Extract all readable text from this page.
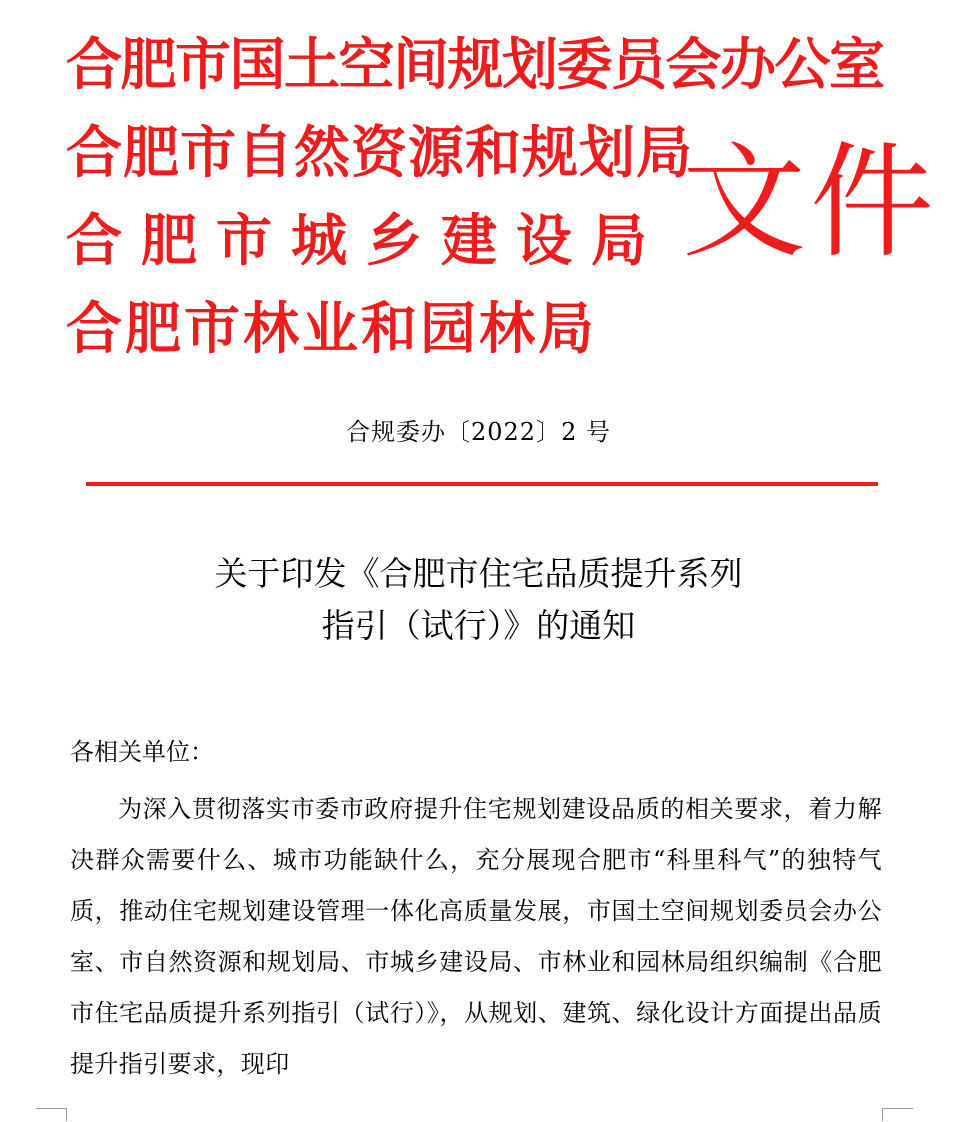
合肥市国土空间规划委员会办公室
合肥市自然资源和规划局
合肥市城乡建设局
合肥市林业和园林局
文件
合规委办〔2022〕2 号
关于印发《合肥市住宅品质提升系列
指引（试行）》的通知
各相关单位：
为深入贯彻落实市委市政府提升住宅规划建设品质的相关要求，着力解决群众需要什么、城市功能缺什么，充分展现合肥市“科里科气”的独特气质，推动住宅规划建设管理一体化高质量发展，市国土空间规划委员会办公室、市自然资源和规划局、市城乡建设局、市林业和园林局组织编制《合肥市住宅品质提升系列指引（试行）》，从规划、建筑、绿化设计方面提出品质提升指引要求，现印
